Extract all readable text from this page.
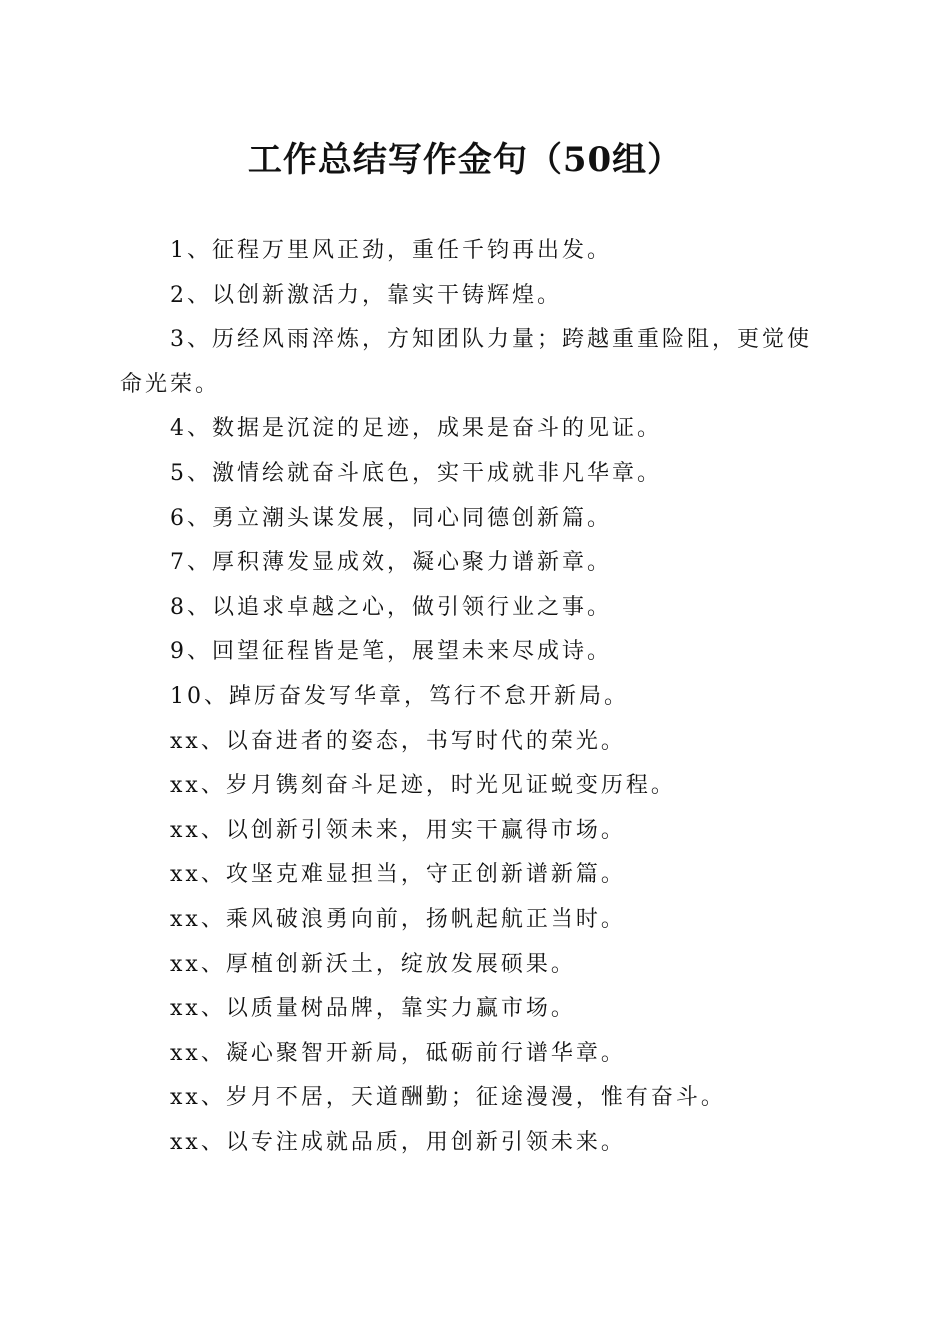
工作总结写作金句（50组）

1、征程万里风正劲，重任千钧再出发。

2、以创新激活力，靠实干铸辉煌。

3、历经风雨淬炼，方知团队力量；跨越重重险阻，更觉使命光荣。

4、数据是沉淀的足迹，成果是奋斗的见证。

5、激情绘就奋斗底色，实干成就非凡华章。

6、勇立潮头谋发展，同心同德创新篇。

7、厚积薄发显成效，凝心聚力谱新章。

8、以追求卓越之心，做引领行业之事。

9、回望征程皆是笔，展望未来尽成诗。

10、踔厉奋发写华章，笃行不怠开新局。

xx、以奋进者的姿态，书写时代的荣光。

xx、岁月镌刻奋斗足迹，时光见证蜕变历程。

xx、以创新引领未来，用实干赢得市场。

xx、攻坚克难显担当，守正创新谱新篇。

xx、乘风破浪勇向前，扬帆起航正当时。

xx、厚植创新沃土，绽放发展硕果。

xx、以质量树品牌，靠实力赢市场。

xx、凝心聚智开新局，砥砺前行谱华章。

xx、岁月不居，天道酬勤；征途漫漫，惟有奋斗。

xx、以专注成就品质，用创新引领未来。
